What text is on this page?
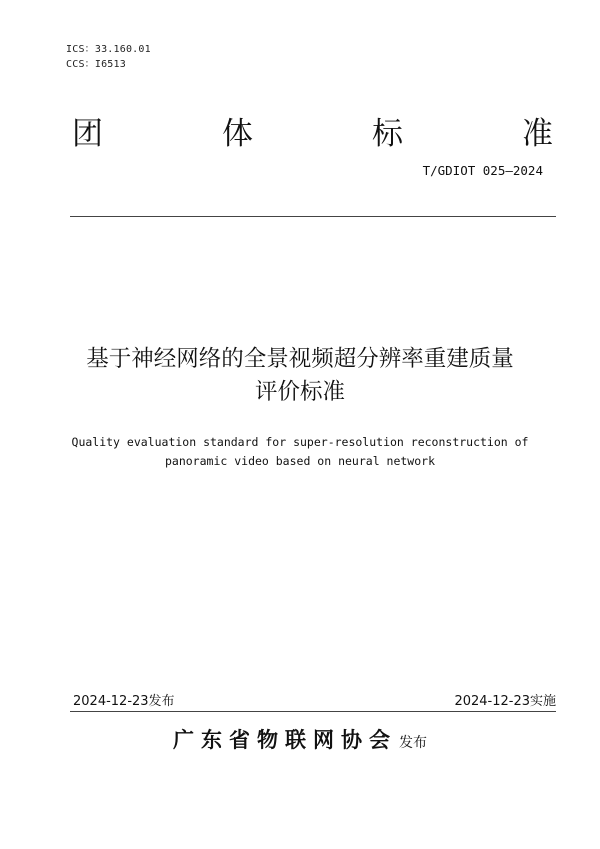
ICS：33.160.01
CCS：I6513
团	体	标	准
T/GDIOT 025—2024
基于神经网络的全景视频超分辨率重建质量
评价标准
Quality evaluation standard for super-resolution reconstruction of
panoramic video based on neural network
2024-12-23发布	2024-12-23实施
广东省物联网协会 发布
